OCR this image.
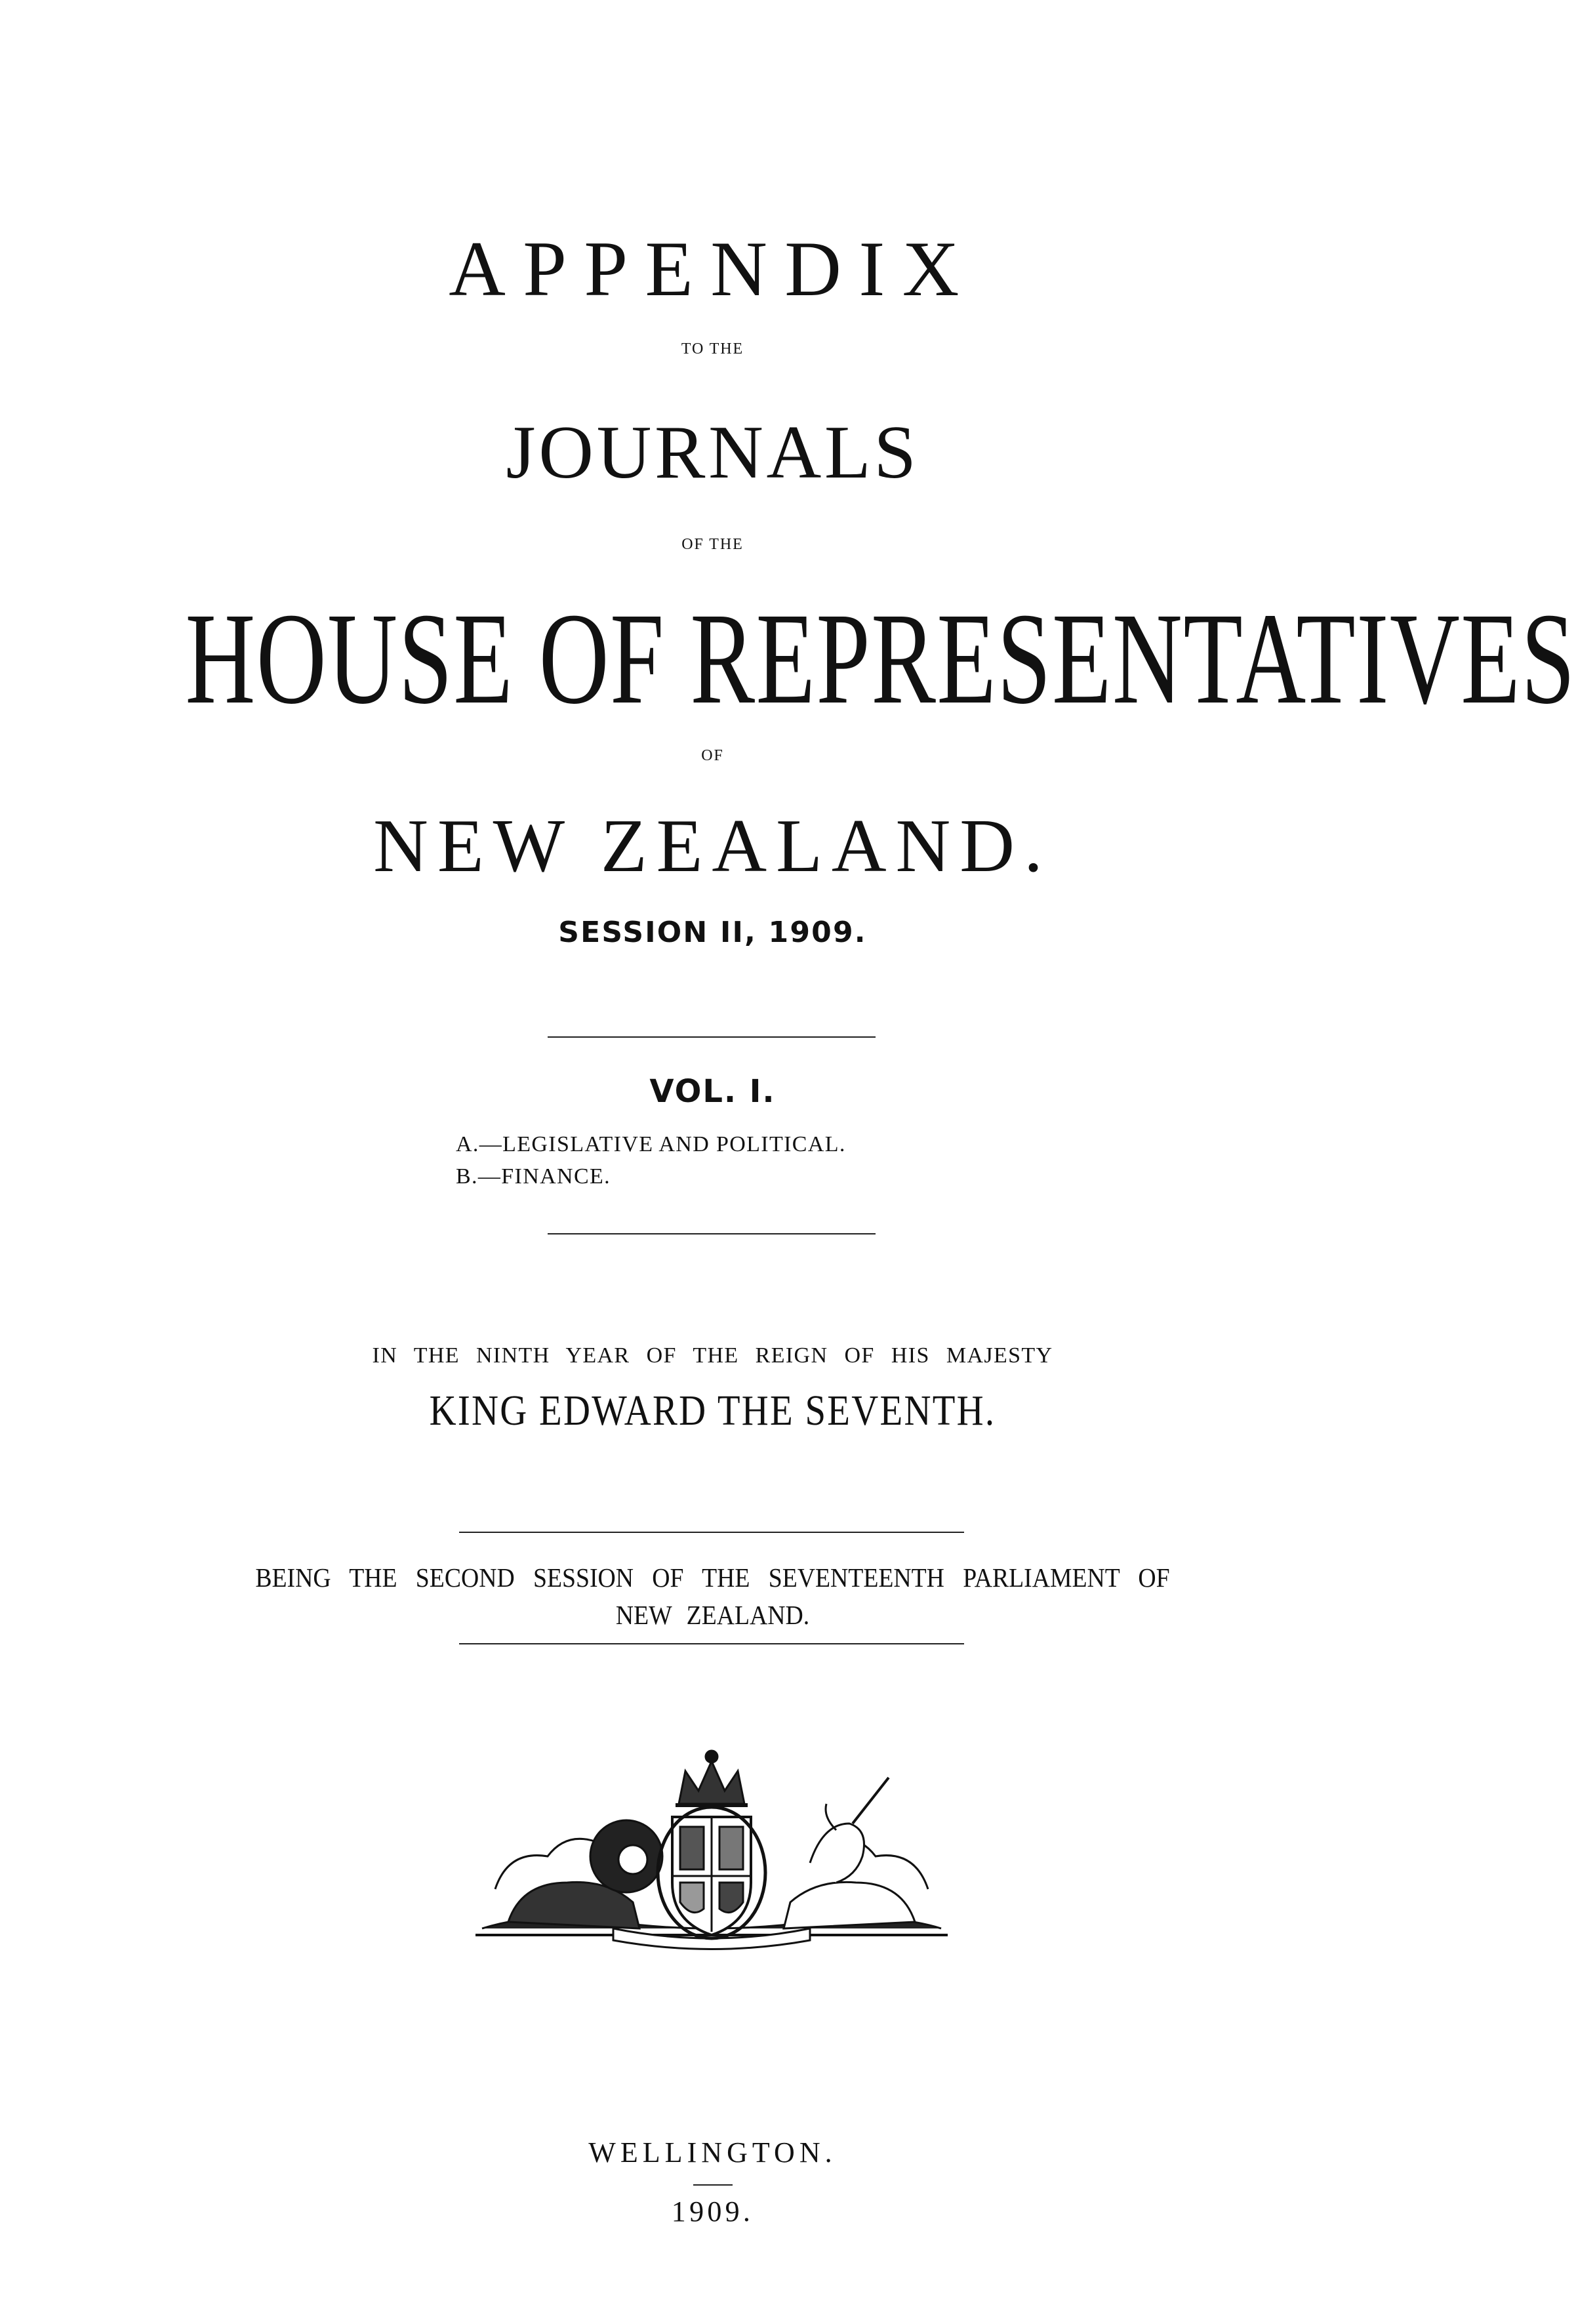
APPENDIX
TO THE
JOURNALS
OF THE
HOUSE OF REPRESENTATIVES
OF
NEW ZEALAND.
SESSION II, 1909.
VOL. I.
A.—LEGISLATIVE AND POLITICAL.
B.—FINANCE.
IN THE NINTH YEAR OF THE REIGN OF HIS MAJESTY
KING EDWARD THE SEVENTH.
BEING THE SECOND SESSION OF THE SEVENTEENTH PARLIAMENT OF
NEW ZEALAND.
WELLINGTON.
1909.
